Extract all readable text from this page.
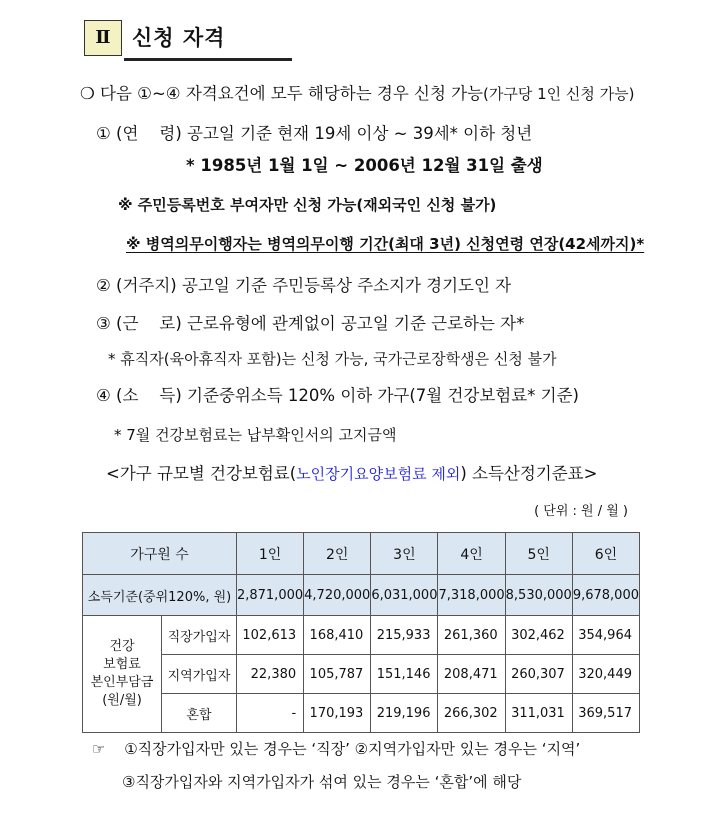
Ⅱ	신청 자격
❍ 다음 ①~④ 자격요건에 모두 해당하는 경우 신청 가능(가구당 1인 신청 가능)
① (연    령) 공고일 기준 현재 19세 이상 ~ 39세* 이하 청년
* 1985년 1월 1일 ~ 2006년 12월 31일 출생
※ 주민등록번호 부여자만 신청 가능(재외국인 신청 불가)
※ 병역의무이행자는 병역의무이행 기간(최대 3년) 신청연령 연장(42세까지)*
② (거주지) 공고일 기준 주민등록상 주소지가 경기도인 자
③ (근    로) 근로유형에 관계없이 공고일 기준 근로하는 자*
* 휴직자(육아휴직자 포함)는 신청 가능, 국가근로장학생은 신청 불가
④ (소    득) 기준중위소득 120% 이하 가구(7월 건강보험료* 기준)
* 7월 건강보험료는 납부확인서의 고지금액
<가구 규모별 건강보험료(노인장기요양보험료 제외) 소득산정기준표>
( 단위 : 원 / 월 )
가구원 수		1인	2인	3인	4인	5인	6인
소득기준(중위120%, 원)		2,871,000	4,720,000	6,031,000	7,318,000	8,530,000	9,678,000

건강
보험료
본인부담금
(원/월)	직장가입자	102,613	168,410	215,933	261,360	302,462	354,964
	지역가입자	22,380	105,787	151,146	208,471	260,307	320,449
	혼합	-	170,193	219,196	266,302	311,031	369,517
☞ ①직장가입자만 있는 경우는 ‘직장’ ②지역가입자만 있는 경우는 ‘지역’
③직장가입자와 지역가입자가 섞여 있는 경우는 ‘혼합’에 해당
